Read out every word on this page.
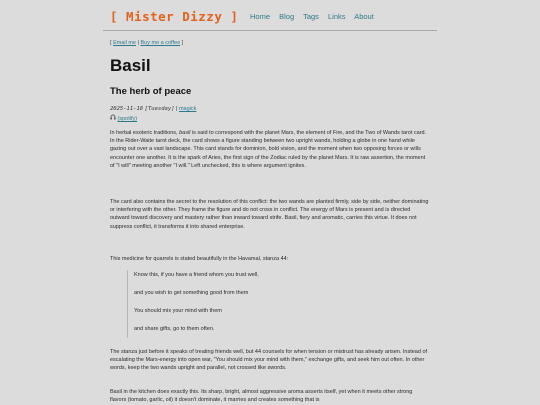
[ Mister Dizzy ] Home Blog Tags Links About
[ Email me | Buy me a coffee ]
Basil
The herb of peace
2025-11-18 [Tuesday] | magick
(spotify)

In herbal esoteric traditions, basil is said to correspond with the planet Mars, the element of Fire, and the Two of Wands tarot card. In the Rider-Waite tarot deck, the card shows a figure standing between two upright wands, holding a globe in one hand while gazing out over a vast landscape. This card stands for dominion, bold vision, and the moment when two opposing forces or wills encounter one another. It is the spark of Aries, the first sign of the Zodiac ruled by the planet Mars. It is raw assertion, the moment of "I will" meeting another "I will." Left unchecked, this is where argument ignites.

The card also contains the secret to the resolution of this conflict: the two wands are planted firmly, side by side, neither dominating or interfering with the other. They frame the figure and do not cross in conflict. The energy of Mars is present and is directed outward toward discovery and mastery rather than inward toward strife. Basil, fiery and aromatic, carries this virtue. It does not suppress conflict, it transforms it into shared enterprise.

This medicine for quarrels is stated beautifully in the Havamal, stanza 44:

Know this, if you have a friend whom you trust well,
and you wish to get something good from them
You should mix your mind with them
and share gifts, go to them often.

The stanza just before it speaks of treating friends well, but 44 counsels for when tension or mistrust has already arisen. Instead of escalating the Mars-energy into open war, "You should mix your mind with them," exchange gifts, and seek him out often. In other words, keep the two wands upright and parallel, not crossed like swords.

Basil in the kitchen does exactly this. Its sharp, bright, almost aggressive aroma asserts itself, yet when it meets other strong flavors (tomato, garlic, oil) it doesn't dominate, it marries and creates something that is
